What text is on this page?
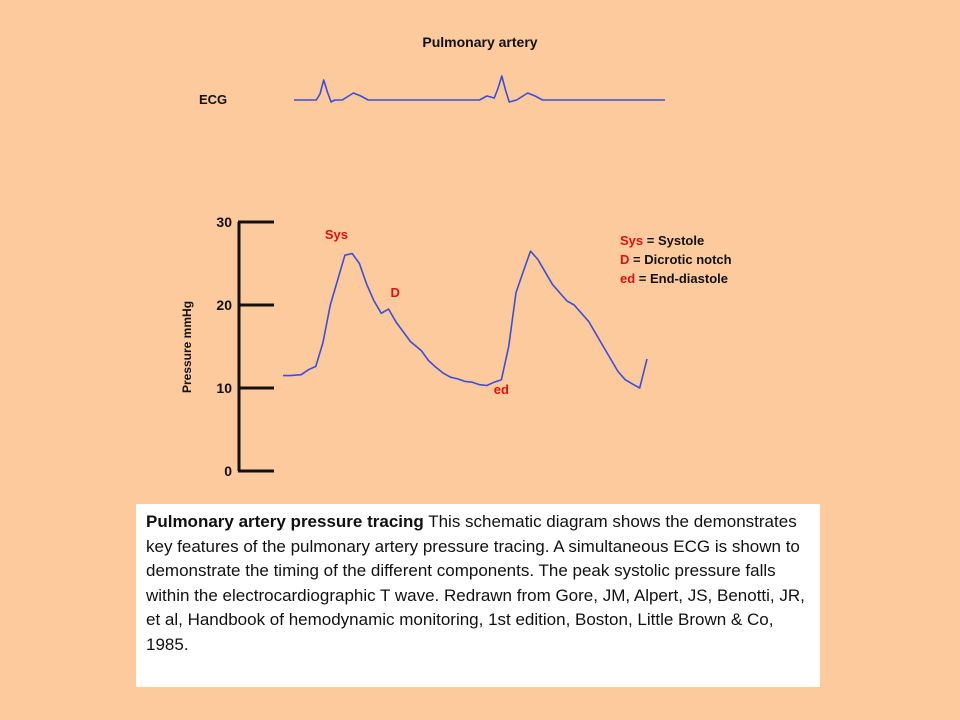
Pulmonary artery
ECG
0
10
20
30
Sys
D
ed
Pressure mmHg
Sys = Systole
D = Dicrotic notch
ed = End-diastole
Pulmonary artery pressure tracing This schematic diagram shows the demonstrates key features of the pulmonary artery pressure tracing. A simultaneous ECG is shown to demonstrate the timing of the different components. The peak systolic pressure falls within the electrocardiographic T wave. Redrawn from Gore, JM, Alpert, JS, Benotti, JR, et al, Handbook of hemodynamic monitoring, 1st edition, Boston, Little Brown & Co, 1985.
